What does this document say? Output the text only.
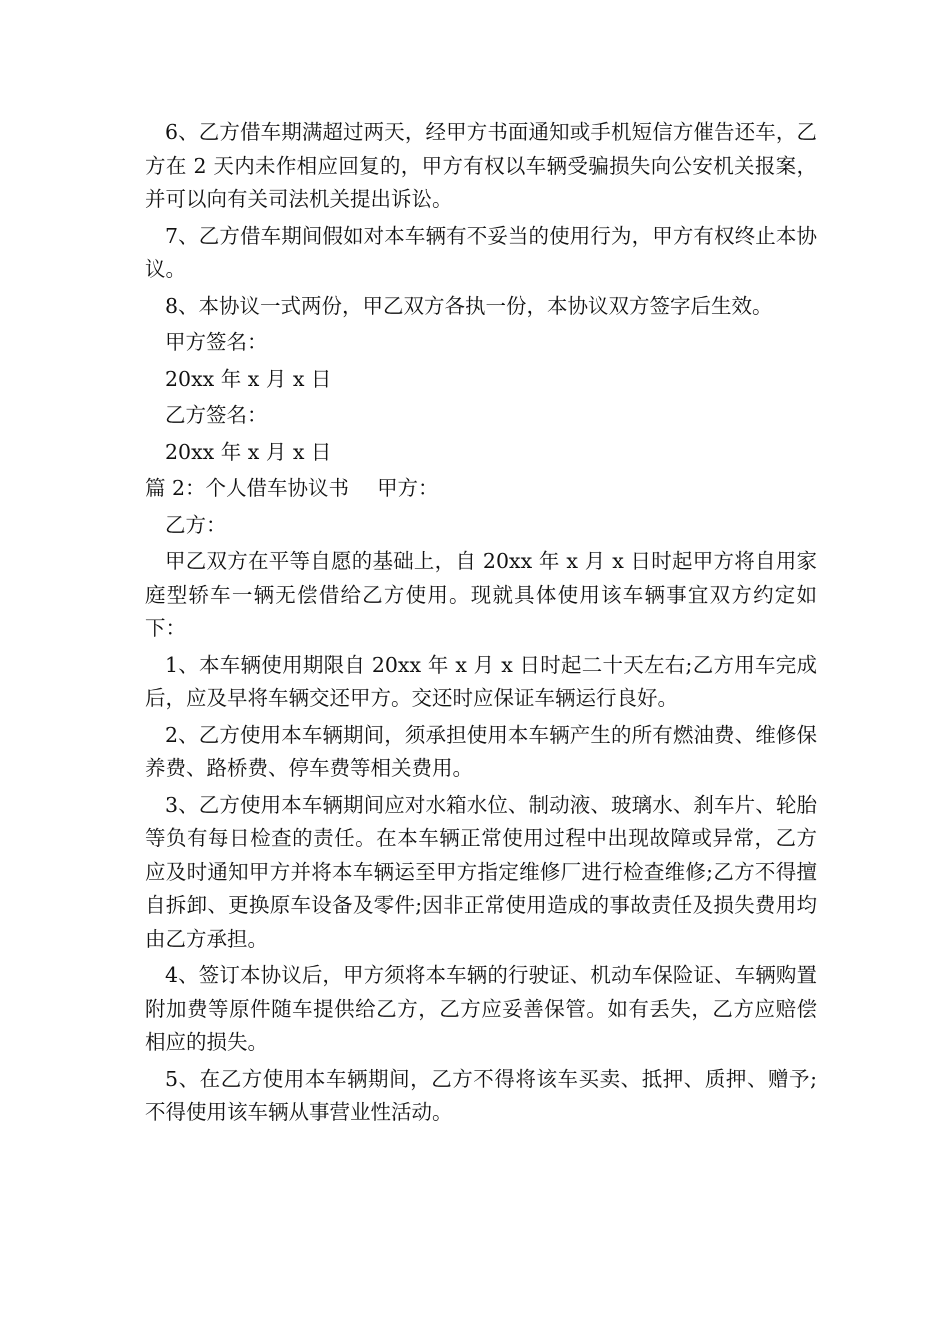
6、乙方借车期满超过两天，经甲方书面通知或手机短信方催告还车，乙方在 2 天内未作相应回复的，甲方有权以车辆受骗损失向公安机关报案，并可以向有关司法机关提出诉讼。

7、乙方借车期间假如对本车辆有不妥当的使用行为，甲方有权终止本协议。

8、本协议一式两份，甲乙双方各执一份，本协议双方签字后生效。

甲方签名：

20xx 年 x 月 x 日

乙方签名：

20xx 年 x 月 x 日

篇 2：个人借车协议书 甲方：

乙方：

甲乙双方在平等自愿的基础上，自 20xx 年 x 月 x 日时起甲方将自用家庭型轿车一辆无偿借给乙方使用。现就具体使用该车辆事宜双方约定如下：

1、本车辆使用期限自 20xx 年 x 月 x 日时起二十天左右;乙方用车完成后，应及早将车辆交还甲方。交还时应保证车辆运行良好。

2、乙方使用本车辆期间，须承担使用本车辆产生的所有燃油费、维修保养费、路桥费、停车费等相关费用。

3、乙方使用本车辆期间应对水箱水位、制动液、玻璃水、刹车片、轮胎等负有每日检查的责任。在本车辆正常使用过程中出现故障或异常，乙方应及时通知甲方并将本车辆运至甲方指定维修厂进行检查维修;乙方不得擅自拆卸、更换原车设备及零件;因非正常使用造成的事故责任及损失费用均由乙方承担。

4、签订本协议后，甲方须将本车辆的行驶证、机动车保险证、车辆购置附加费等原件随车提供给乙方，乙方应妥善保管。如有丢失，乙方应赔偿相应的损失。

5、在乙方使用本车辆期间，乙方不得将该车买卖、抵押、质押、赠予;不得使用该车辆从事营业性活动。
